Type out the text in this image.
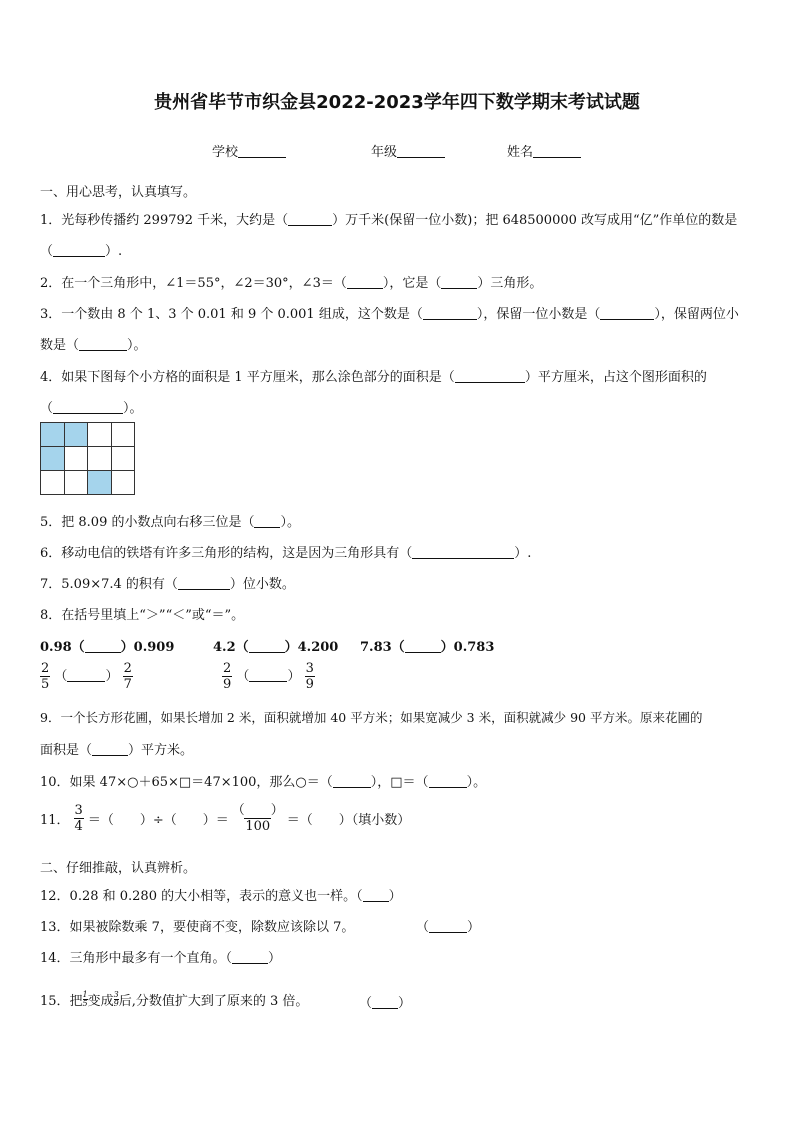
贵州省毕节市织金县2022-2023学年四下数学期末考试试题
学校	年级	姓名
一、用心思考，认真填写。
1．光每秒传播约 299792 千米，大约是（	）万千米(保留一位小数)；把 648500000 改写成用“亿”作单位的数是
（	）.
2．在一个三角形中，∠1＝55°，∠2＝30°，∠3＝（	），它是（	）三角形。
3．一个数由 8 个 1、3 个 0.01 和 9 个 0.001 组成，这个数是（	），保留一位小数是（	），保留两位小
数是（	）。
4．如果下图每个小方格的面积是 1 平方厘米，那么涂色部分的面积是（	）平方厘米，占这个图形面积的
（	）。
5．把 8.09 的小数点向右移三位是（ ）。
6．移动电信的铁塔有许多三角形的结构，这是因为三角形具有（	）.
7．5.09×7.4 的积有（	）位小数。
8．在括号里填上“＞”“＜”或“＝”。
0.98（	）0.909	4.2（	）4.200 7.83（	）0.783
$\frac{2}{5}$ （	） $\frac{2}{7}$	$\frac{2}{9}$ （	） $\frac{3}{9}$
9．一个长方形花圃，如果长增加 2 米，面积就增加 40 平方米；如果宽减少 3 米，面积就减少 90 平方米。原来花圃的
面积是（	）平方米。
10．如果 47×○＋65×□＝47×100，那么○＝（	），□＝（	）。
11． $\frac{3}{4}$ ＝（　　）÷（　　）＝ $\frac{( )}{100}$ ＝（　　）（填小数）
二、仔细推敲，认真辨析。
12．0.28 和 0.280 的大小相等，表示的意义也一样。（ ）
13．如果被除数乘 7，要使商不变，除数应该除以 7。	（	）
14．三角形中最多有一个直角。（	）
15．把 $\frac{1}{5}$ 变成 $\frac{3}{9}$ 后,分数值扩大到了原来的 3 倍。	（ ）
